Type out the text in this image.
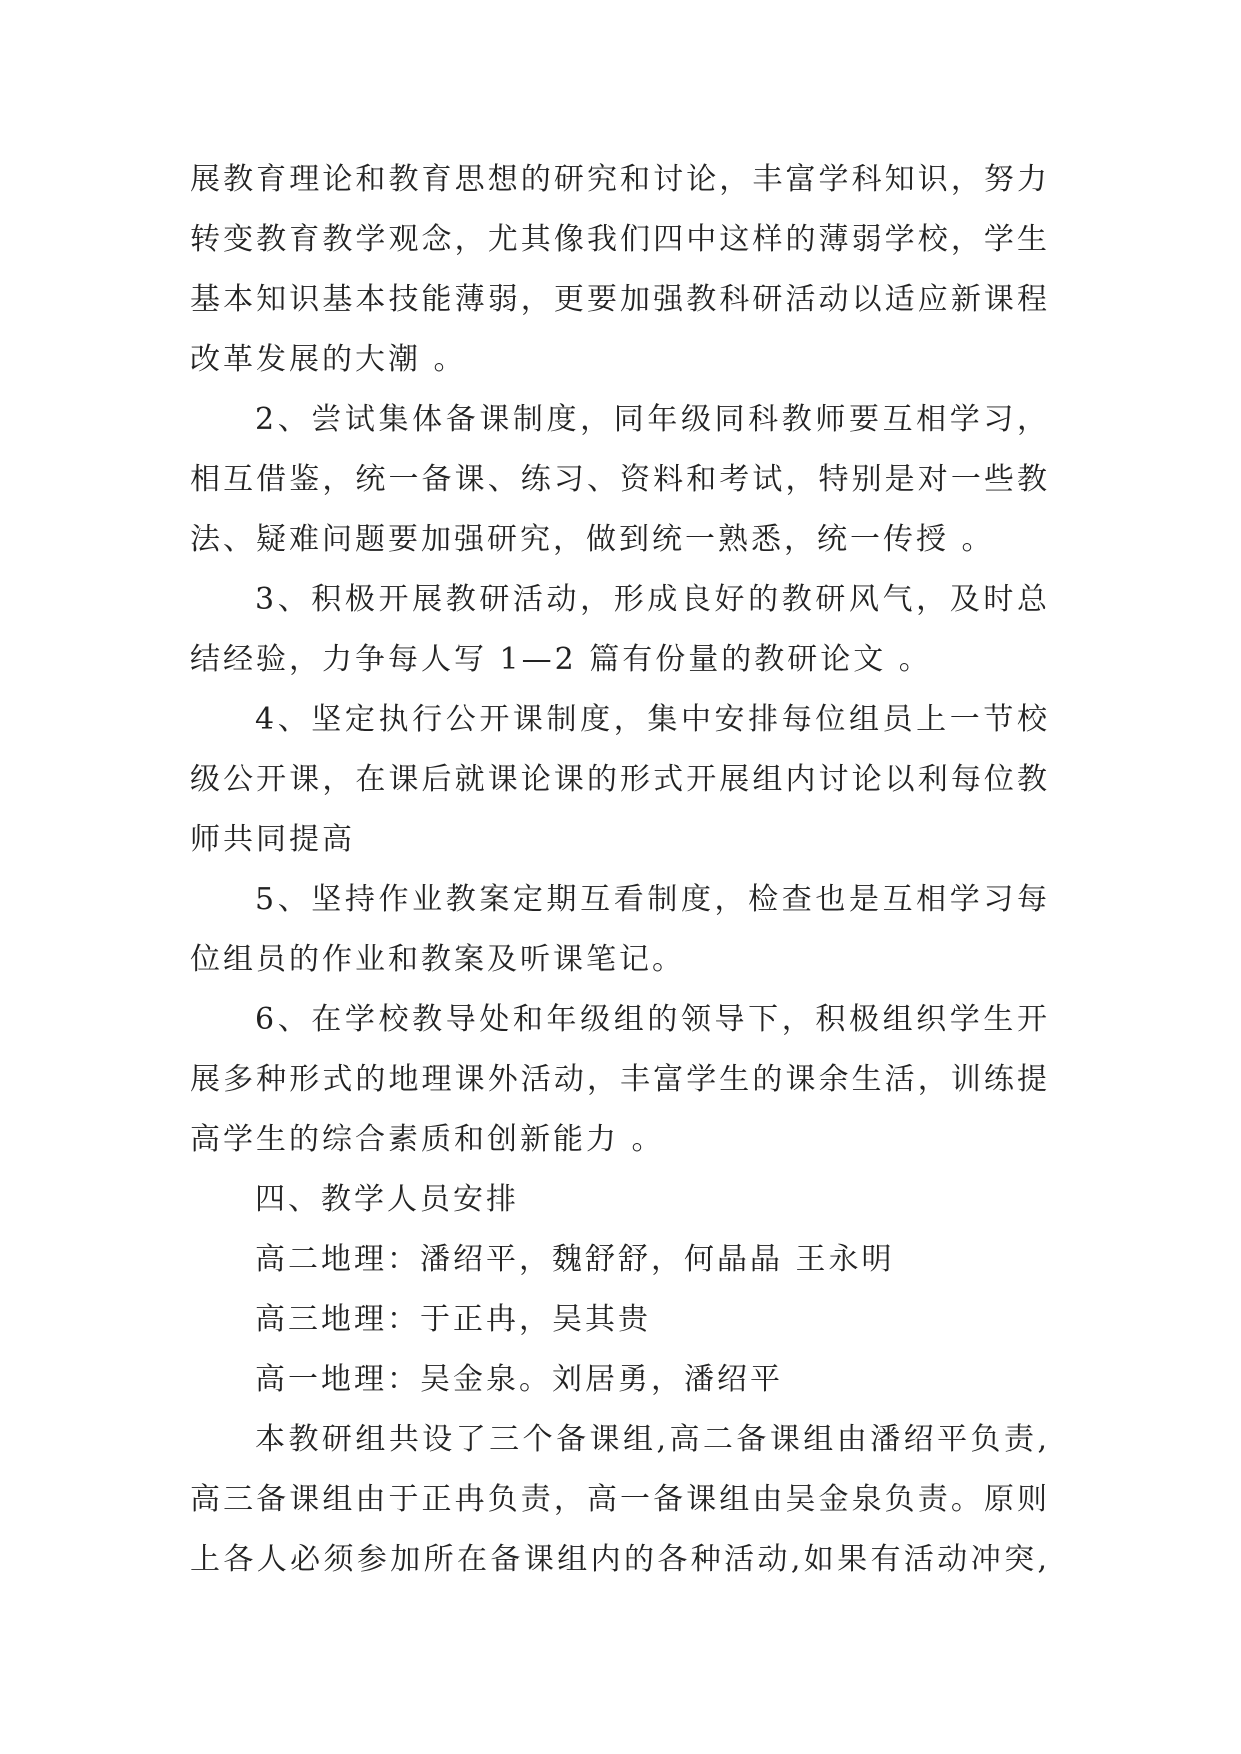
展教育理论和教育思想的研究和讨论，丰富学科知识，努力
转变教育教学观念，尤其像我们四中这样的薄弱学校，学生
基本知识基本技能薄弱，更要加强教科研活动以适应新课程
改革发展的大潮 。
2、尝试集体备课制度，同年级同科教师要互相学习，
相互借鉴，统一备课、练习、资料和考试，特别是对一些教
法、疑难问题要加强研究，做到统一熟悉，统一传授 。
3、积极开展教研活动，形成良好的教研风气，及时总
结经验，力争每人写 1—2 篇有份量的教研论文 。
4、坚定执行公开课制度，集中安排每位组员上一节校
级公开课，在课后就课论课的形式开展组内讨论以利每位教
师共同提高
5、坚持作业教案定期互看制度，检查也是互相学习每
位组员的作业和教案及听课笔记。
6、在学校教导处和年级组的领导下，积极组织学生开
展多种形式的地理课外活动，丰富学生的课余生活，训练提
高学生的综合素质和创新能力 。
四、教学人员安排
高二地理：潘绍平，魏舒舒，何晶晶 王永明
高三地理：于正冉，吴其贵
高一地理：吴金泉。刘居勇，潘绍平
本教研组共设了三个备课组,高二备课组由潘绍平负责,
高三备课组由于正冉负责，高一备课组由吴金泉负责。原则
上各人必须参加所在备课组内的各种活动,如果有活动冲突,
